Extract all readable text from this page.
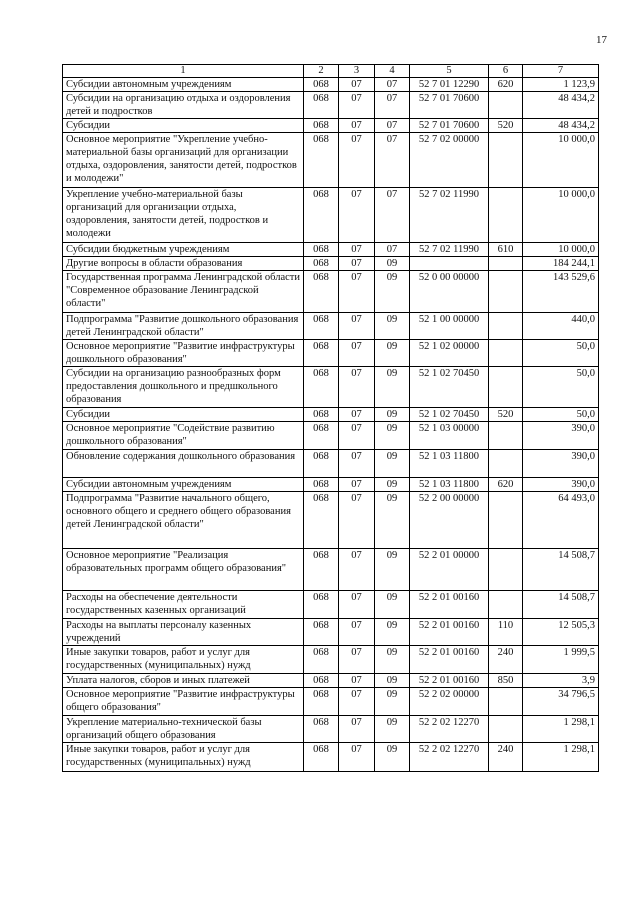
17
1	2	3	4	5	6	7
Субсидии автономным учреждениям	068	07	07	52 7 01 12290	620	1 123,9
Субсидии на организацию отдыха и оздоровления детей и подростков	068	07	07	52 7 01 70600		48 434,2
Субсидии	068	07	07	52 7 01 70600	520	48 434,2
Основное мероприятие "Укрепление учебно-материальной базы организаций для организации отдыха, оздоровления, занятости детей, подростков и молодежи"	068	07	07	52 7 02 00000		10 000,0
Укрепление учебно-материальной базы организаций для организации отдыха, оздоровления, занятости детей, подростков и молодежи	068	07	07	52 7 02 11990		10 000,0
Субсидии бюджетным учреждениям	068	07	07	52 7 02 11990	610	10 000,0
Другие вопросы в области образования	068	07	09			184 244,1
Государственная программа Ленинградской области "Современное образование Ленинградской области"	068	07	09	52 0 00 00000		143 529,6
Подпрограмма "Развитие дошкольного образования детей Ленинградской области"	068	07	09	52 1 00 00000		440,0
Основное мероприятие "Развитие инфраструктуры дошкольного образования"	068	07	09	52 1 02 00000		50,0
Субсидии на организацию разнообразных форм предоставления дошкольного и предшкольного образования	068	07	09	52 1 02 70450		50,0
Субсидии	068	07	09	52 1 02 70450	520	50,0
Основное мероприятие "Содействие развитию дошкольного образования"	068	07	09	52 1 03 00000		390,0
Обновление содержания дошкольного образования	068	07	09	52 1 03 11800		390,0
Субсидии автономным учреждениям	068	07	09	52 1 03 11800	620	390,0
Подпрограмма "Развитие начального общего, основного общего и среднего общего образования детей Ленинградской области"	068	07	09	52 2 00 00000		64 493,0
Основное мероприятие "Реализация образовательных программ общего образования"	068	07	09	52 2 01 00000		14 508,7
Расходы на обеспечение деятельности государственных казенных организаций	068	07	09	52 2 01 00160		14 508,7
Расходы на выплаты персоналу казенных учреждений	068	07	09	52 2 01 00160	110	12 505,3
Иные закупки товаров, работ и услуг для государственных (муниципальных) нужд	068	07	09	52 2 01 00160	240	1 999,5
Уплата налогов, сборов и иных платежей	068	07	09	52 2 01 00160	850	3,9
Основное мероприятие "Развитие инфраструктуры общего образования"	068	07	09	52 2 02 00000		34 796,5
Укрепление материально-технической базы организаций общего образования	068	07	09	52 2 02 12270		1 298,1
Иные закупки товаров, работ и услуг для государственных (муниципальных) нужд	068	07	09	52 2 02 12270	240	1 298,1
